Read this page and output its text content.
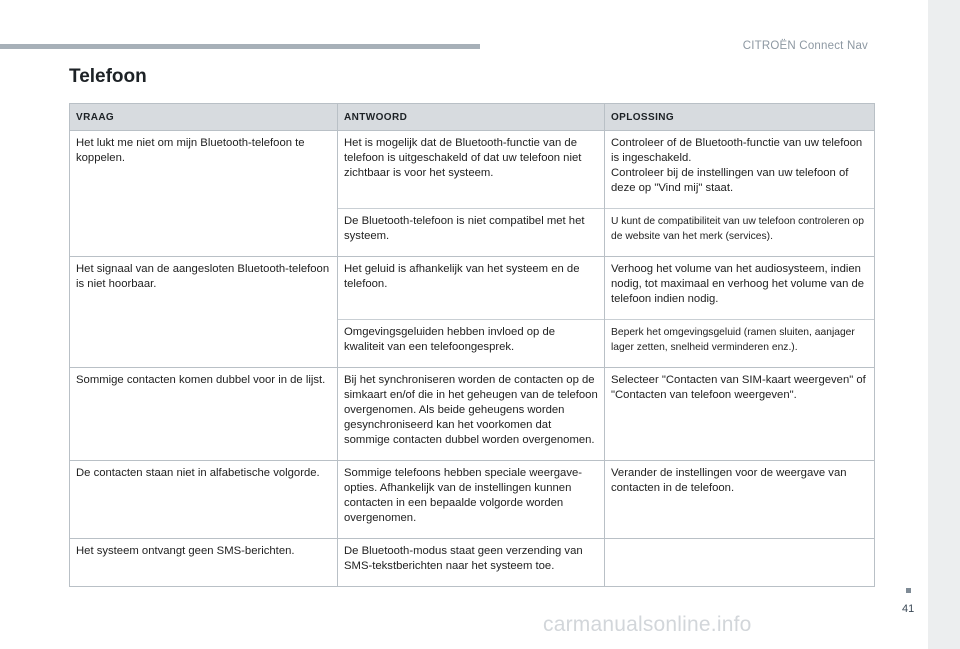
CITROËN Connect Nav
Telefoon
VRAAG	ANTWOORD	OPLOSSING
Het lukt me niet om mijn Bluetooth-telefoon te koppelen.	Het is mogelijk dat de Bluetooth-functie van de telefoon is uitgeschakeld of dat uw telefoon niet zichtbaar is voor het systeem.	Controleer of de Bluetooth-functie van uw telefoon is ingeschakeld.
Controleer bij de instellingen van uw telefoon of deze op "Vind mij" staat.
	De Bluetooth-telefoon is niet compatibel met het systeem.	U kunt de compatibiliteit van uw telefoon controleren op de website van het merk (services).
Het signaal van de aangesloten Bluetooth-telefoon is niet hoorbaar.	Het geluid is afhankelijk van het systeem en de telefoon.	Verhoog het volume van het audiosysteem, indien nodig, tot maximaal en verhoog het volume van de telefoon indien nodig.
	Omgevingsgeluiden hebben invloed op de kwaliteit van een telefoongesprek.	Beperk het omgevingsgeluid (ramen sluiten, aanjager lager zetten, snelheid verminderen enz.).
Sommige contacten komen dubbel voor in de lijst.	Bij het synchroniseren worden de contacten op de simkaart en/of die in het geheugen van de telefoon overgenomen. Als beide geheugens worden gesynchroniseerd kan het voorkomen dat sommige contacten dubbel worden overgenomen.	Selecteer "Contacten van SIM-kaart weergeven" of "Contacten van telefoon weergeven".
De contacten staan niet in alfabetische volgorde.	Sommige telefoons hebben speciale weergave-opties. Afhankelijk van de instellingen kunnen contacten in een bepaalde volgorde worden overgenomen.	Verander de instellingen voor de weergave van contacten in de telefoon.
Het systeem ontvangt geen SMS-berichten.	De Bluetooth-modus staat geen verzending van SMS-tekstberichten naar het systeem toe.	
41
carmanualsonline.info
